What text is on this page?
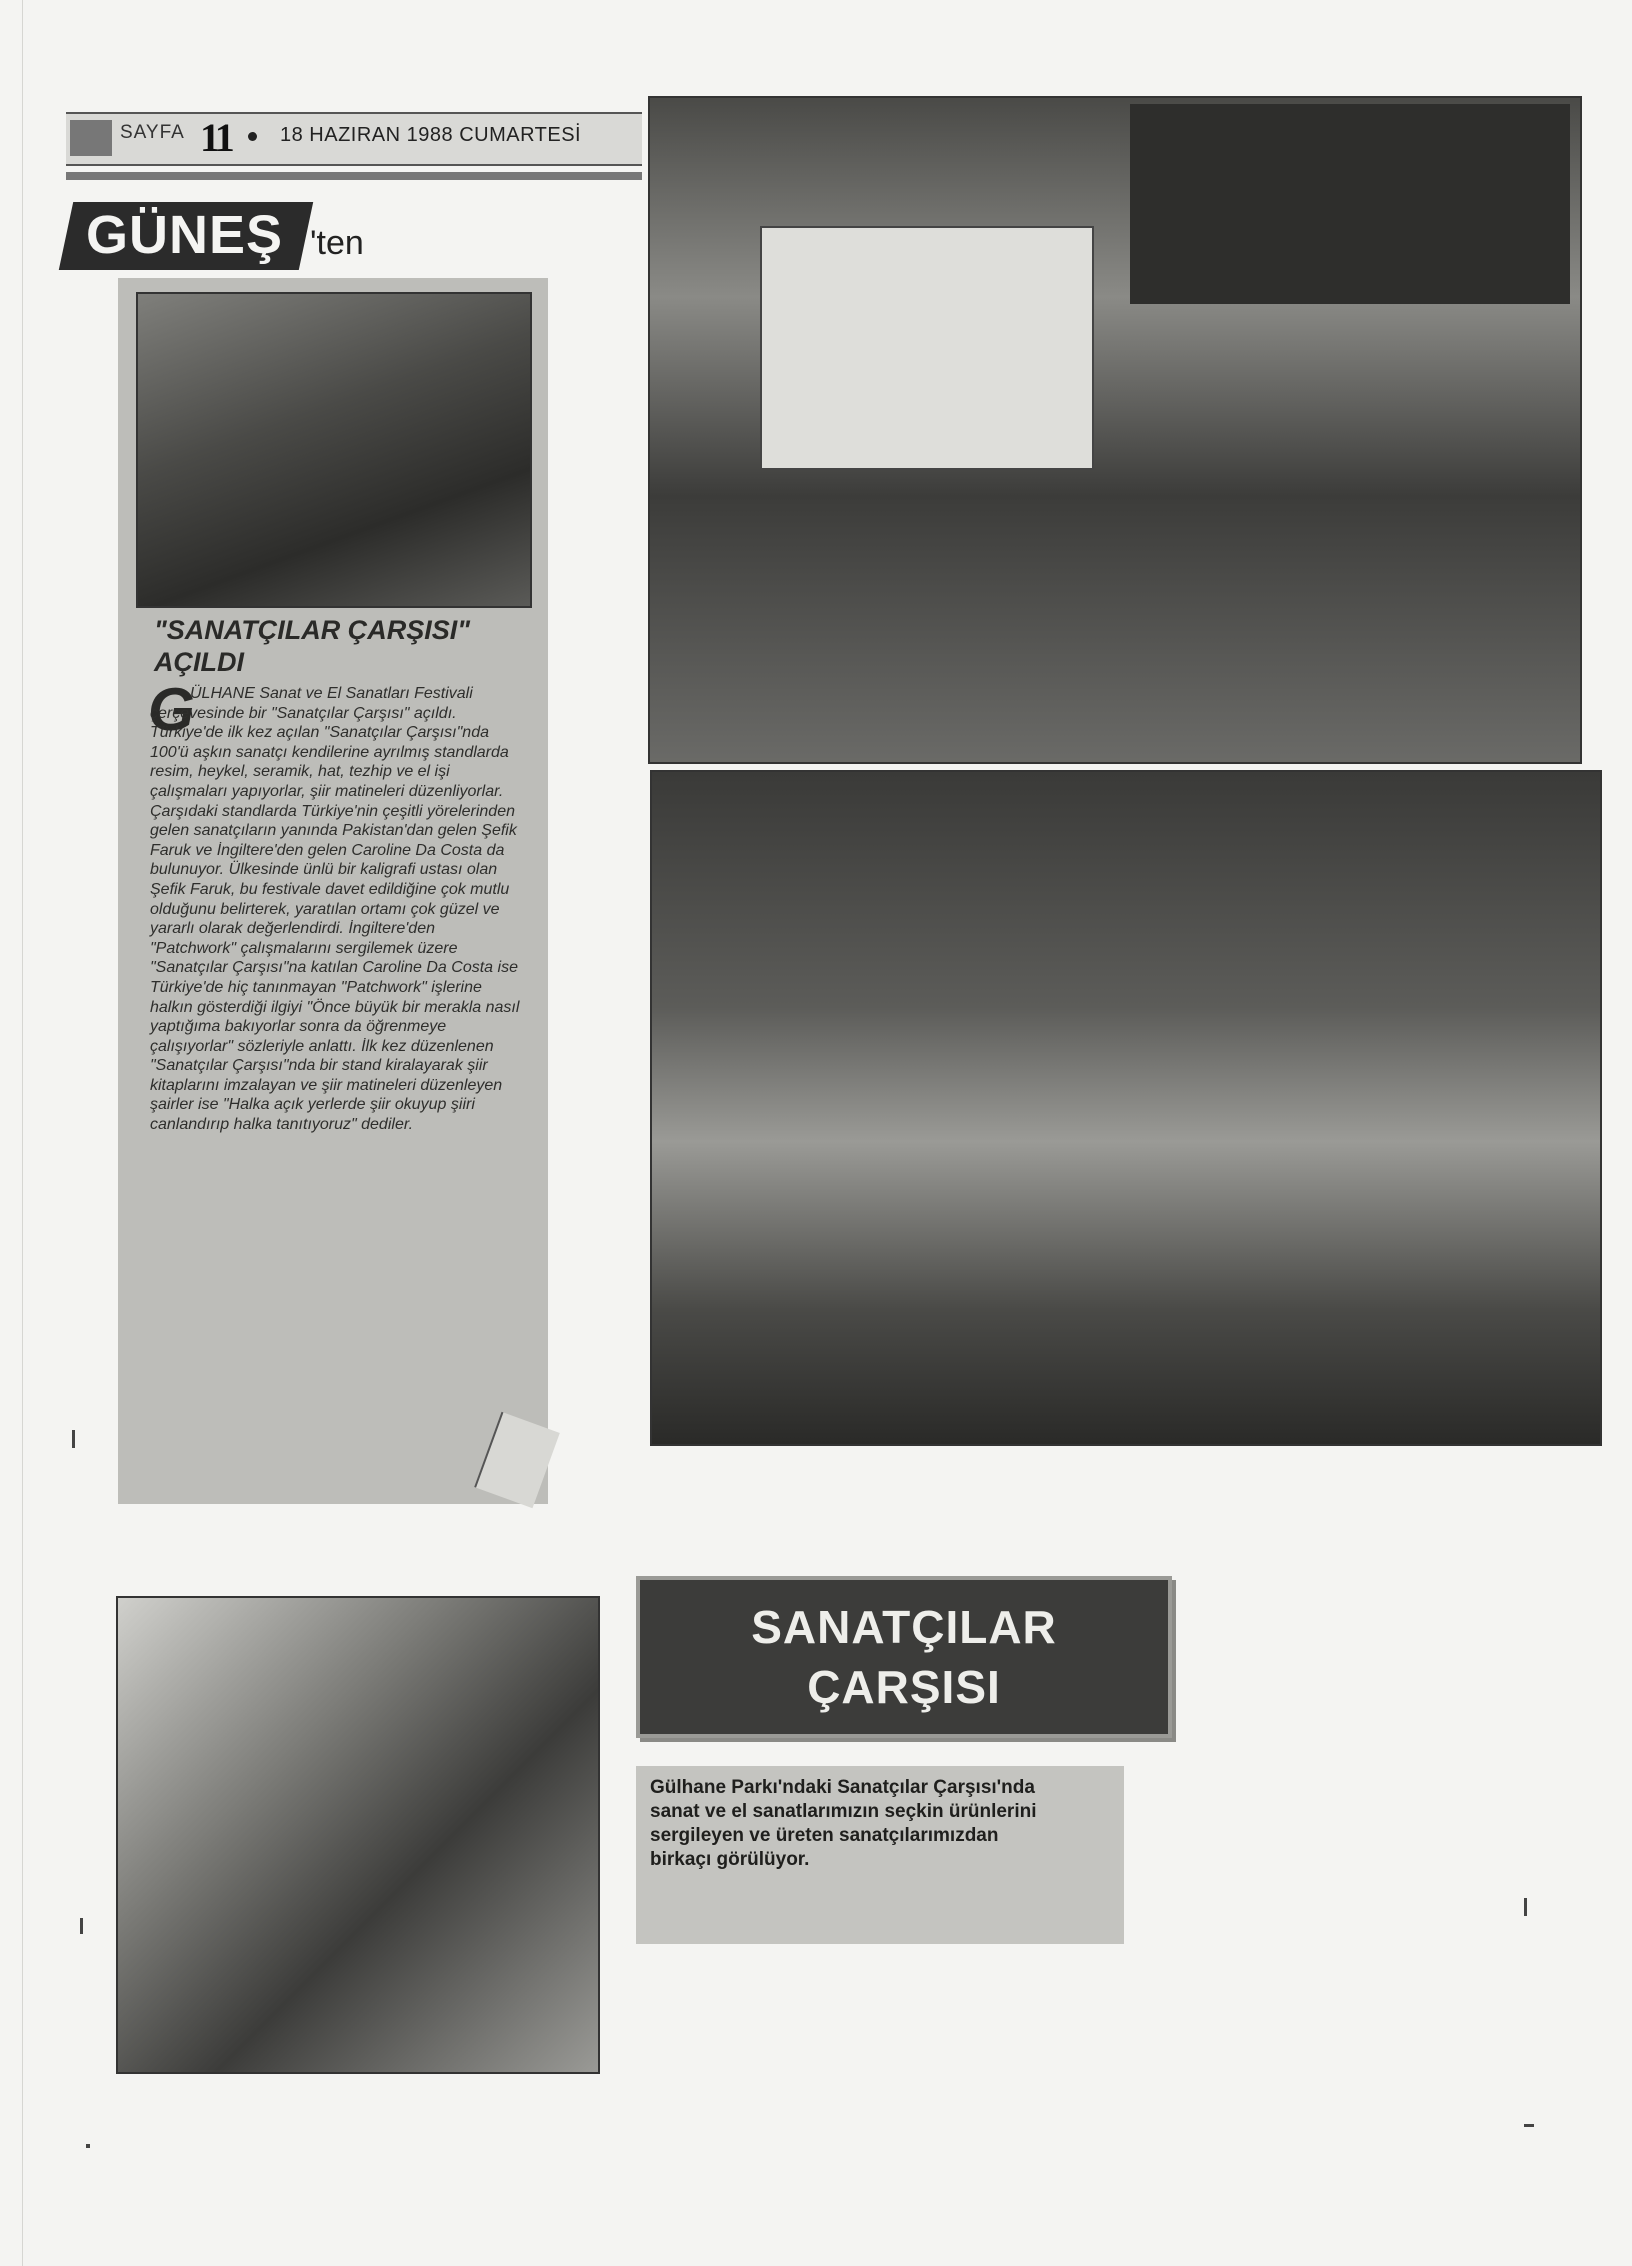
SAYFA 11 18 HAZIRAN 1988 CUMARTESİ
GÜNEŞ 'ten
"SANATÇILAR ÇARŞISI" AÇILDI
G
ÜLHANE Sanat ve El Sanatları Festivali çerçevesinde bir "Sanatçılar Çarşısı" açıldı. Türkiye'de ilk kez açılan "Sanatçılar Çarşısı"nda 100'ü aşkın sanatçı kendilerine ayrılmış standlarda resim, heykel, seramik, hat, tezhip ve el işi çalışmaları yapıyorlar, şiir matineleri düzenliyorlar. Çarşıdaki standlarda Türkiye'nin çeşitli yörelerinden gelen sanatçıların yanında Pakistan'dan gelen Şefik Faruk ve İngiltere'den gelen Caroline Da Costa da bulunuyor. Ülkesinde ünlü bir kaligrafi ustası olan Şefik Faruk, bu festivale davet edildiğine çok mutlu olduğunu belirterek, yaratılan ortamı çok güzel ve yararlı olarak değerlendirdi. İngiltere'den "Patchwork" çalışmalarını sergilemek üzere "Sanatçılar Çarşısı"na katılan Caroline Da Costa ise Türkiye'de hiç tanınmayan "Patchwork" işlerine halkın gösterdiği ilgiyi "Önce büyük bir merakla nasıl yaptığıma bakıyorlar sonra da öğrenmeye çalışıyorlar" sözleriyle anlattı. İlk kez düzenlenen "Sanatçılar Çarşısı"nda bir stand kiralayarak şiir kitaplarını imzalayan ve şiir matineleri düzenleyen şairler ise "Halka açık yerlerde şiir okuyup şiiri canlandırıp halka tanıtıyoruz" dediler.
SANATÇILAR
ÇARŞISI
Gülhane Parkı'ndaki Sanatçılar Çarşısı'nda sanat ve el sanatlarımızın seçkin ürünlerini sergileyen ve üreten sanatçılarımızdan birkaçı görülüyor.
